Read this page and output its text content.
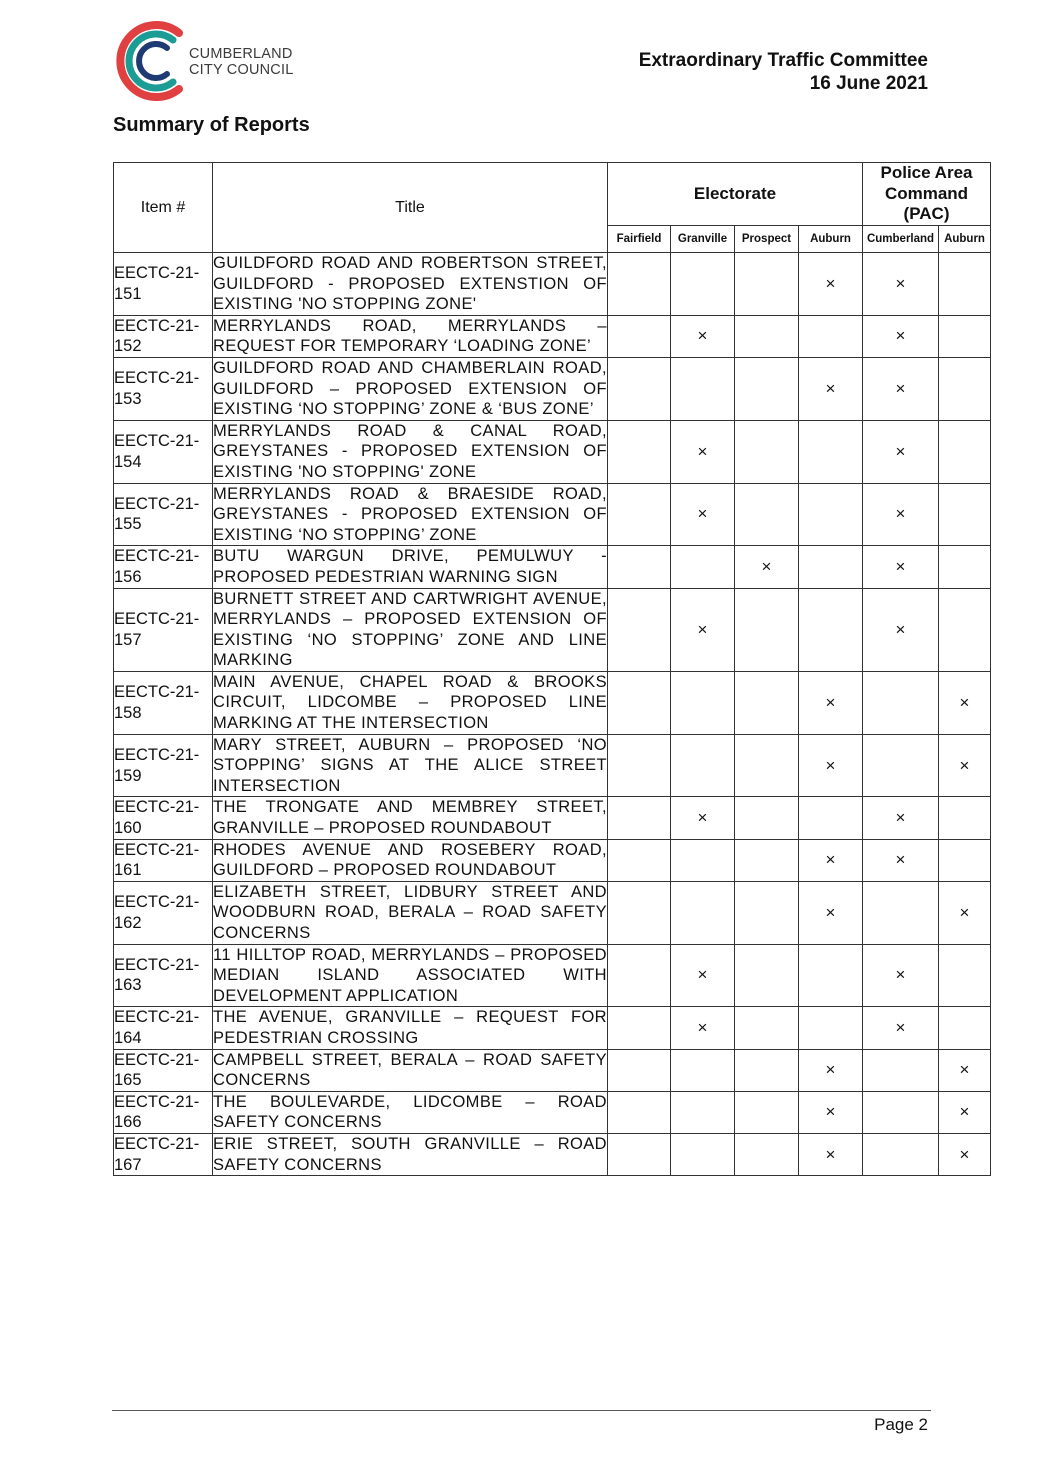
CUMBERLAND
CITY COUNCIL	Extraordinary Traffic Committee
16 June 2021
Summary of Reports
Item #	Title	Electorate				Police Area Command (PAC)	
		Fairfield	Granville	Prospect	Auburn	Cumberland	Auburn
EECTC-21-151	GUILDFORD ROAD AND ROBERTSON STREET, GUILDFORD - PROPOSED EXTENSTION OF EXISTING 'NO STOPPING ZONE'				×	×	
EECTC-21-152	MERRYLANDS ROAD, MERRYLANDS – REQUEST FOR TEMPORARY ‘LOADING ZONE’		×			×	
EECTC-21-153	GUILDFORD ROAD AND CHAMBERLAIN ROAD, GUILDFORD – PROPOSED EXTENSION OF EXISTING ‘NO STOPPING’ ZONE & ‘BUS ZONE’				×	×	
EECTC-21-154	MERRYLANDS ROAD & CANAL ROAD, GREYSTANES - PROPOSED EXTENSION OF EXISTING 'NO STOPPING' ZONE		×			×	
EECTC-21-155	MERRYLANDS ROAD & BRAESIDE ROAD, GREYSTANES - PROPOSED EXTENSION OF EXISTING ‘NO STOPPING’ ZONE		×			×	
EECTC-21-156	BUTU WARGUN DRIVE, PEMULWUY - PROPOSED PEDESTRIAN WARNING SIGN			×		×	
EECTC-21-157	BURNETT STREET AND CARTWRIGHT AVENUE, MERRYLANDS – PROPOSED EXTENSION OF EXISTING ‘NO STOPPING’ ZONE AND LINE MARKING		×			×	
EECTC-21-158	MAIN AVENUE, CHAPEL ROAD & BROOKS CIRCUIT, LIDCOMBE – PROPOSED LINE MARKING AT THE INTERSECTION				×		×
EECTC-21-159	MARY STREET, AUBURN – PROPOSED ‘NO STOPPING’ SIGNS AT THE ALICE STREET INTERSECTION				×		×
EECTC-21-160	THE TRONGATE AND MEMBREY STREET, GRANVILLE – PROPOSED ROUNDABOUT		×			×	
EECTC-21-161	RHODES AVENUE AND ROSEBERY ROAD, GUILDFORD – PROPOSED ROUNDABOUT				×	×	
EECTC-21-162	ELIZABETH STREET, LIDBURY STREET AND WOODBURN ROAD, BERALA – ROAD SAFETY CONCERNS				×		×
EECTC-21-163	11 HILLTOP ROAD, MERRYLANDS – PROPOSED MEDIAN ISLAND ASSOCIATED WITH DEVELOPMENT APPLICATION		×			×	
EECTC-21-164	THE AVENUE, GRANVILLE – REQUEST FOR PEDESTRIAN CROSSING		×			×	
EECTC-21-165	CAMPBELL STREET, BERALA – ROAD SAFETY CONCERNS				×		×
EECTC-21-166	THE BOULEVARDE, LIDCOMBE – ROAD SAFETY CONCERNS				×		×
EECTC-21-167	ERIE STREET, SOUTH GRANVILLE – ROAD SAFETY CONCERNS				×		×
Page 2
